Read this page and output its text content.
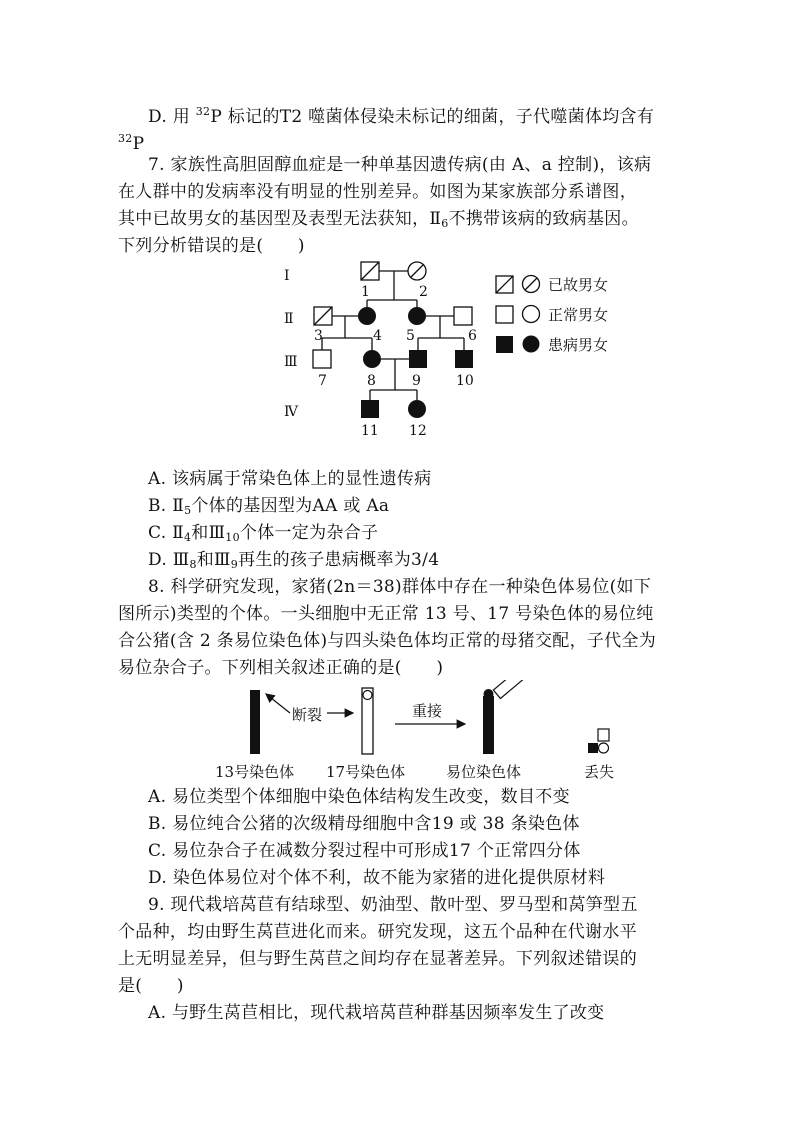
D. 用 $^{32}$P 标记的T2 噬菌体侵染未标记的细菌，子代噬菌体均含有
$^{32}$P
7. 家族性高胆固醇血症是一种单基因遗传病(由 A、a 控制)，该病
在人群中的发病率没有明显的性别差异。如图为某家族部分系谱图，
其中已故男女的基因型及表型无法获知，$Ⅱ_6$不携带该病的致病基因。
下列分析错误的是(　　)
Ⅰ
Ⅱ
Ⅲ
Ⅳ
1	2
3	4 5	6
7	8	9	10
11 12
已故男女
正常男女
患病男女
A. 该病属于常染色体上的显性遗传病
B. $Ⅱ_5$个体的基因型为AA 或 Aa
C. $Ⅱ_4$和$Ⅲ_{10}$个体一定为杂合子
D. $Ⅲ_8$和$Ⅲ_9$再生的孩子患病概率为3/4
8. 科学研究发现，家猪(2n＝38)群体中存在一种染色体易位(如下
图所示)类型的个体。一头细胞中无正常 13 号、17 号染色体的易位纯
合公猪(含 2 条易位染色体)与四头染色体均正常的母猪交配，子代全为
易位杂合子。下列相关叙述正确的是(　　)
断裂	重接
13号染色体 17号染色体	易位染色体	丢失
A. 易位类型个体细胞中染色体结构发生改变，数目不变
B. 易位纯合公猪的次级精母细胞中含19 或 38 条染色体
C. 易位杂合子在减数分裂过程中可形成17 个正常四分体
D. 染色体易位对个体不利，故不能为家猪的进化提供原材料
9. 现代栽培莴苣有结球型、奶油型、散叶型、罗马型和莴笋型五
个品种，均由野生莴苣进化而来。研究发现，这五个品种在代谢水平
上无明显差异，但与野生莴苣之间均存在显著差异。下列叙述错误的
是(　　)
A. 与野生莴苣相比，现代栽培莴苣种群基因频率发生了改变
